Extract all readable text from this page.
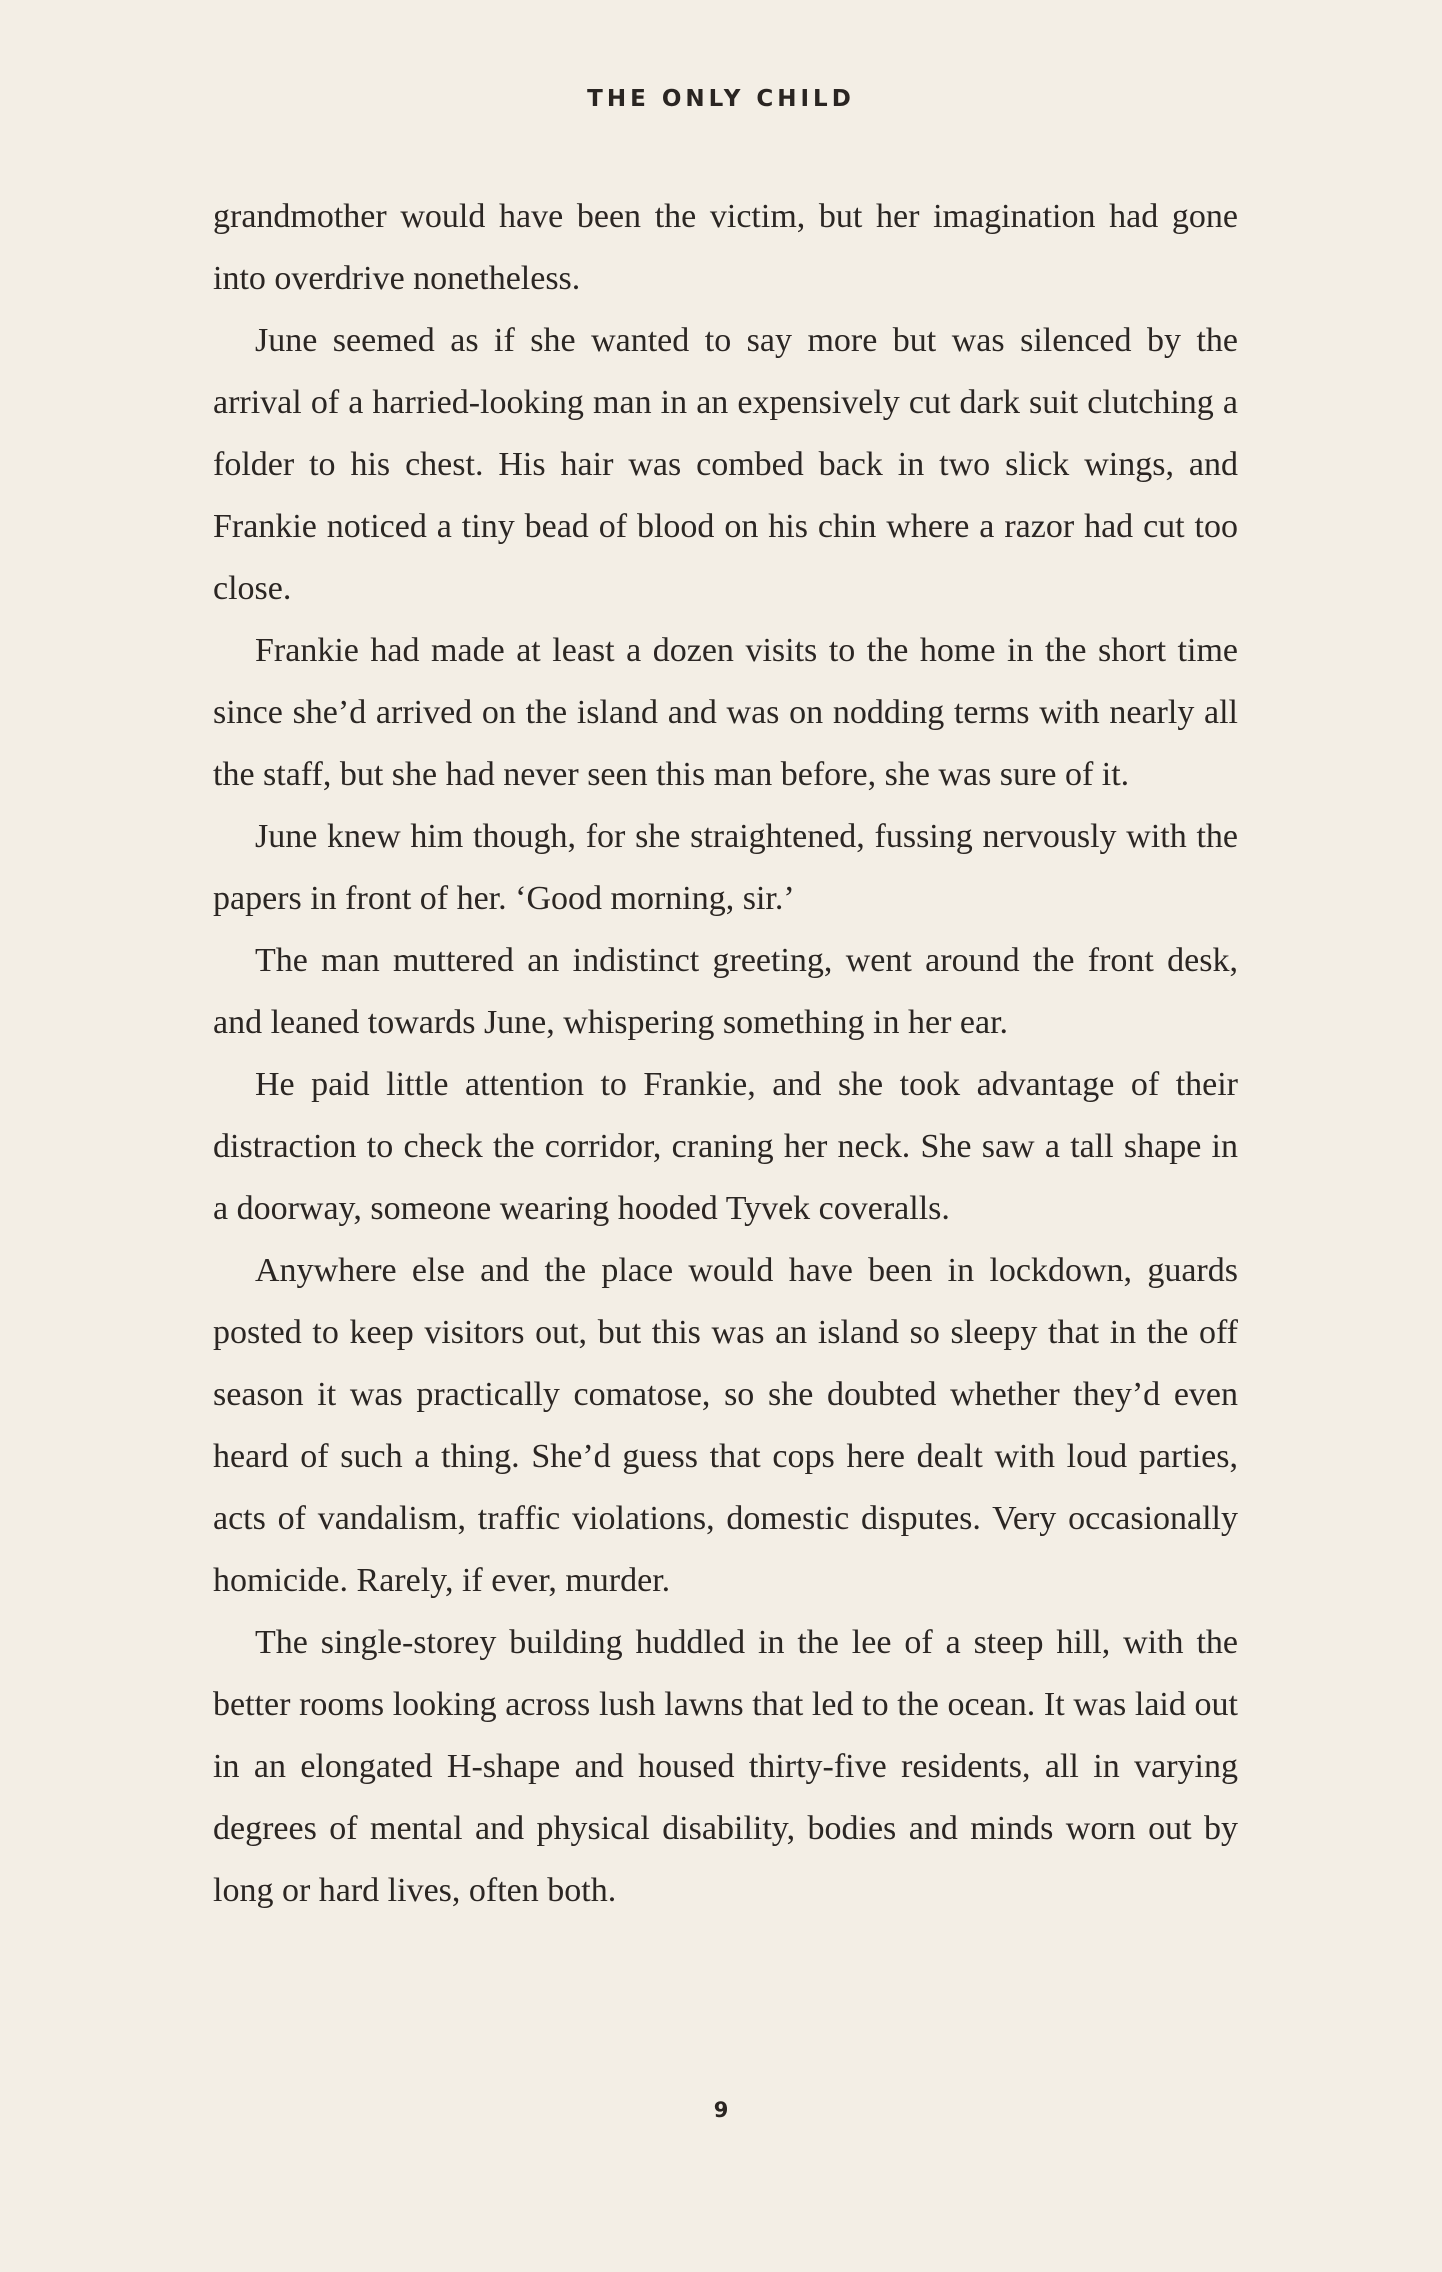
THE ONLY CHILD

grandmother would have been the victim, but her imagination had gone into overdrive nonetheless.

June seemed as if she wanted to say more but was silenced by the arrival of a harried-looking man in an expensively cut dark suit clutching a folder to his chest. His hair was combed back in two slick wings, and Frankie noticed a tiny bead of blood on his chin where a razor had cut too close.

Frankie had made at least a dozen visits to the home in the short time since she’d arrived on the island and was on nodding terms with nearly all the staff, but she had never seen this man before, she was sure of it.

June knew him though, for she straightened, fussing nervously with the papers in front of her. ‘Good morning, sir.’

The man muttered an indistinct greeting, went around the front desk, and leaned towards June, whispering something in her ear.

He paid little attention to Frankie, and she took advantage of their distraction to check the corridor, craning her neck. She saw a tall shape in a doorway, someone wearing hooded Tyvek coveralls.

Anywhere else and the place would have been in lockdown, guards posted to keep visitors out, but this was an island so sleepy that in the off season it was practically comatose, so she doubted whether they’d even heard of such a thing. She’d guess that cops here dealt with loud parties, acts of vandalism, traffic violations, domestic disputes. Very occasionally homicide. Rarely, if ever, murder.

The single-storey building huddled in the lee of a steep hill, with the better rooms looking across lush lawns that led to the ocean. It was laid out in an elongated H-shape and housed thirty-five residents, all in varying degrees of mental and physical disability, bodies and minds worn out by long or hard lives, often both.

9
